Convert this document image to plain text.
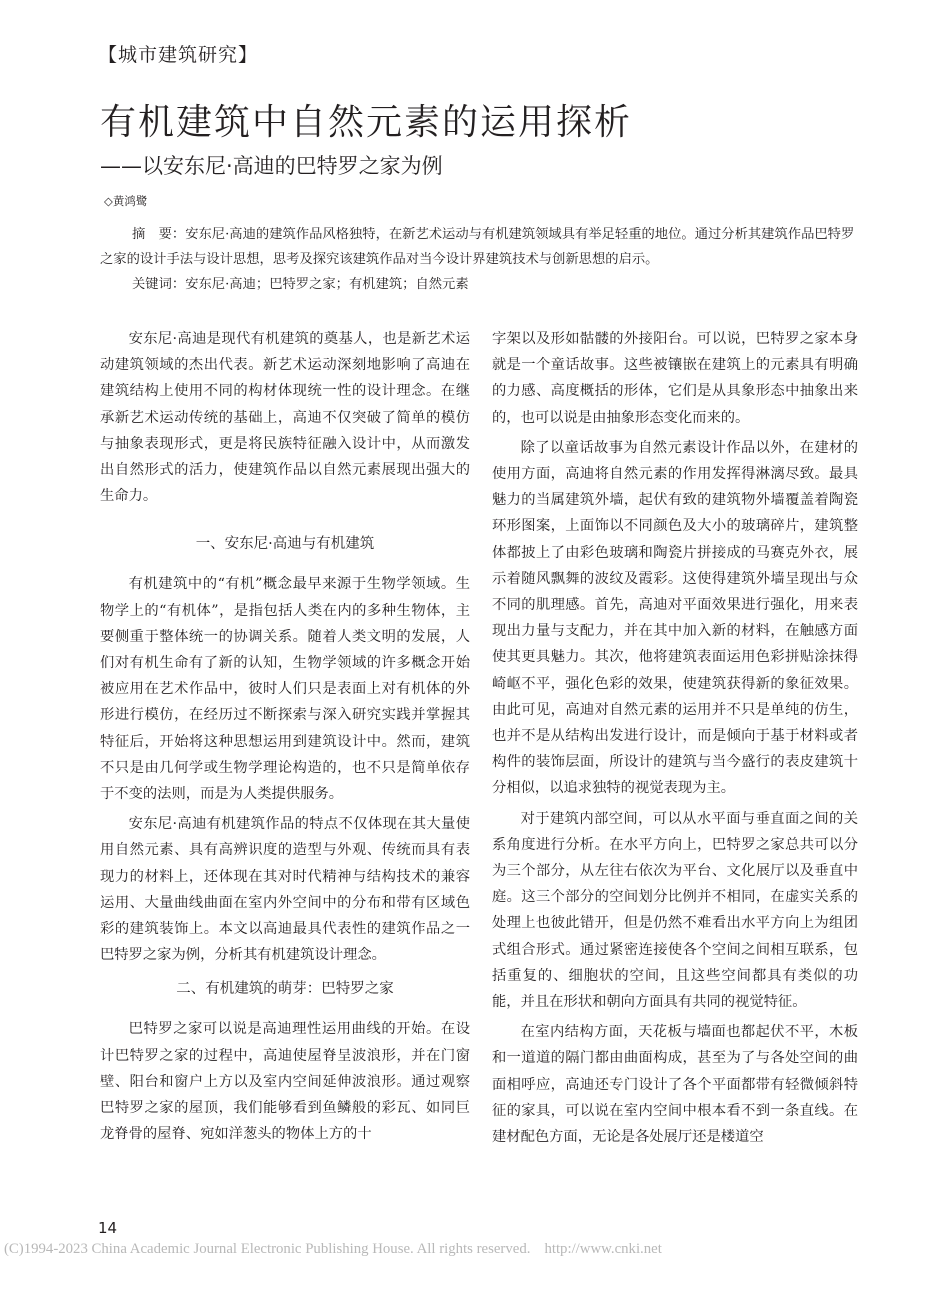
【城市建筑研究】
有机建筑中自然元素的运用探析
——以安东尼·高迪的巴特罗之家为例
◇黄鸿鹭

摘　要：安东尼·高迪的建筑作品风格独特，在新艺术运动与有机建筑领域具有举足轻重的地位。通过分析其建筑作品巴特罗之家的设计手法与设计思想，思考及探究该建筑作品对当今设计界建筑技术与创新思想的启示。

关键词：安东尼·高迪；巴特罗之家；有机建筑；自然元素

安东尼·高迪是现代有机建筑的奠基人，也是新艺术运动建筑领域的杰出代表。新艺术运动深刻地影响了高迪在建筑结构上使用不同的构材体现统一性的设计理念。在继承新艺术运动传统的基础上，高迪不仅突破了简单的模仿与抽象表现形式，更是将民族特征融入设计中，从而激发出自然形式的活力，使建筑作品以自然元素展现出强大的生命力。

一、安东尼·高迪与有机建筑

有机建筑中的“有机”概念最早来源于生物学领域。生物学上的“有机体”，是指包括人类在内的多种生物体，主要侧重于整体统一的协调关系。随着人类文明的发展，人们对有机生命有了新的认知，生物学领域的许多概念开始被应用在艺术作品中，彼时人们只是表面上对有机体的外形进行模仿，在经历过不断探索与深入研究实践并掌握其特征后，开始将这种思想运用到建筑设计中。然而，建筑不只是由几何学或生物学理论构造的，也不只是简单依存于不变的法则，而是为人类提供服务。

安东尼·高迪有机建筑作品的特点不仅体现在其大量使用自然元素、具有高辨识度的造型与外观、传统而具有表现力的材料上，还体现在其对时代精神与结构技术的兼容运用、大量曲线曲面在室内外空间中的分布和带有区域色彩的建筑装饰上。本文以高迪最具代表性的建筑作品之一巴特罗之家为例，分析其有机建筑设计理念。

二、有机建筑的萌芽：巴特罗之家

巴特罗之家可以说是高迪理性运用曲线的开始。在设计巴特罗之家的过程中，高迪使屋脊呈波浪形，并在门窗壁、阳台和窗户上方以及室内空间延伸波浪形。通过观察巴特罗之家的屋顶，我们能够看到鱼鳞般的彩瓦、如同巨龙脊骨的屋脊、宛如洋葱头的物体上方的十

字架以及形如骷髅的外接阳台。可以说，巴特罗之家本身就是一个童话故事。这些被镶嵌在建筑上的元素具有明确的力感、高度概括的形体，它们是从具象形态中抽象出来的，也可以说是由抽象形态变化而来的。

除了以童话故事为自然元素设计作品以外，在建材的使用方面，高迪将自然元素的作用发挥得淋漓尽致。最具魅力的当属建筑外墙，起伏有致的建筑物外墙覆盖着陶瓷环形图案，上面饰以不同颜色及大小的玻璃碎片，建筑整体都披上了由彩色玻璃和陶瓷片拼接成的马赛克外衣，展示着随风飘舞的波纹及霞彩。这使得建筑外墙呈现出与众不同的肌理感。首先，高迪对平面效果进行强化，用来表现出力量与支配力，并在其中加入新的材料，在触感方面使其更具魅力。其次，他将建筑表面运用色彩拼贴涂抹得崎岖不平，强化色彩的效果，使建筑获得新的象征效果。由此可见，高迪对自然元素的运用并不只是单纯的仿生，也并不是从结构出发进行设计，而是倾向于基于材料或者构件的装饰层面，所设计的建筑与当今盛行的表皮建筑十分相似，以追求独特的视觉表现为主。

对于建筑内部空间，可以从水平面与垂直面之间的关系角度进行分析。在水平方向上，巴特罗之家总共可以分为三个部分，从左往右依次为平台、文化展厅以及垂直中庭。这三个部分的空间划分比例并不相同，在虚实关系的处理上也彼此错开，但是仍然不难看出水平方向上为组团式组合形式。通过紧密连接使各个空间之间相互联系，包括重复的、细胞状的空间，且这些空间都具有类似的功能，并且在形状和朝向方面具有共同的视觉特征。

在室内结构方面，天花板与墙面也都起伏不平，木板和一道道的隔门都由曲面构成，甚至为了与各处空间的曲面相呼应，高迪还专门设计了各个平面都带有轻微倾斜特征的家具，可以说在室内空间中根本看不到一条直线。在建材配色方面，无论是各处展厅还是楼道空

14
(C)1994-2023 China Academic Journal Electronic Publishing House. All rights reserved. http://www.cnki.net
